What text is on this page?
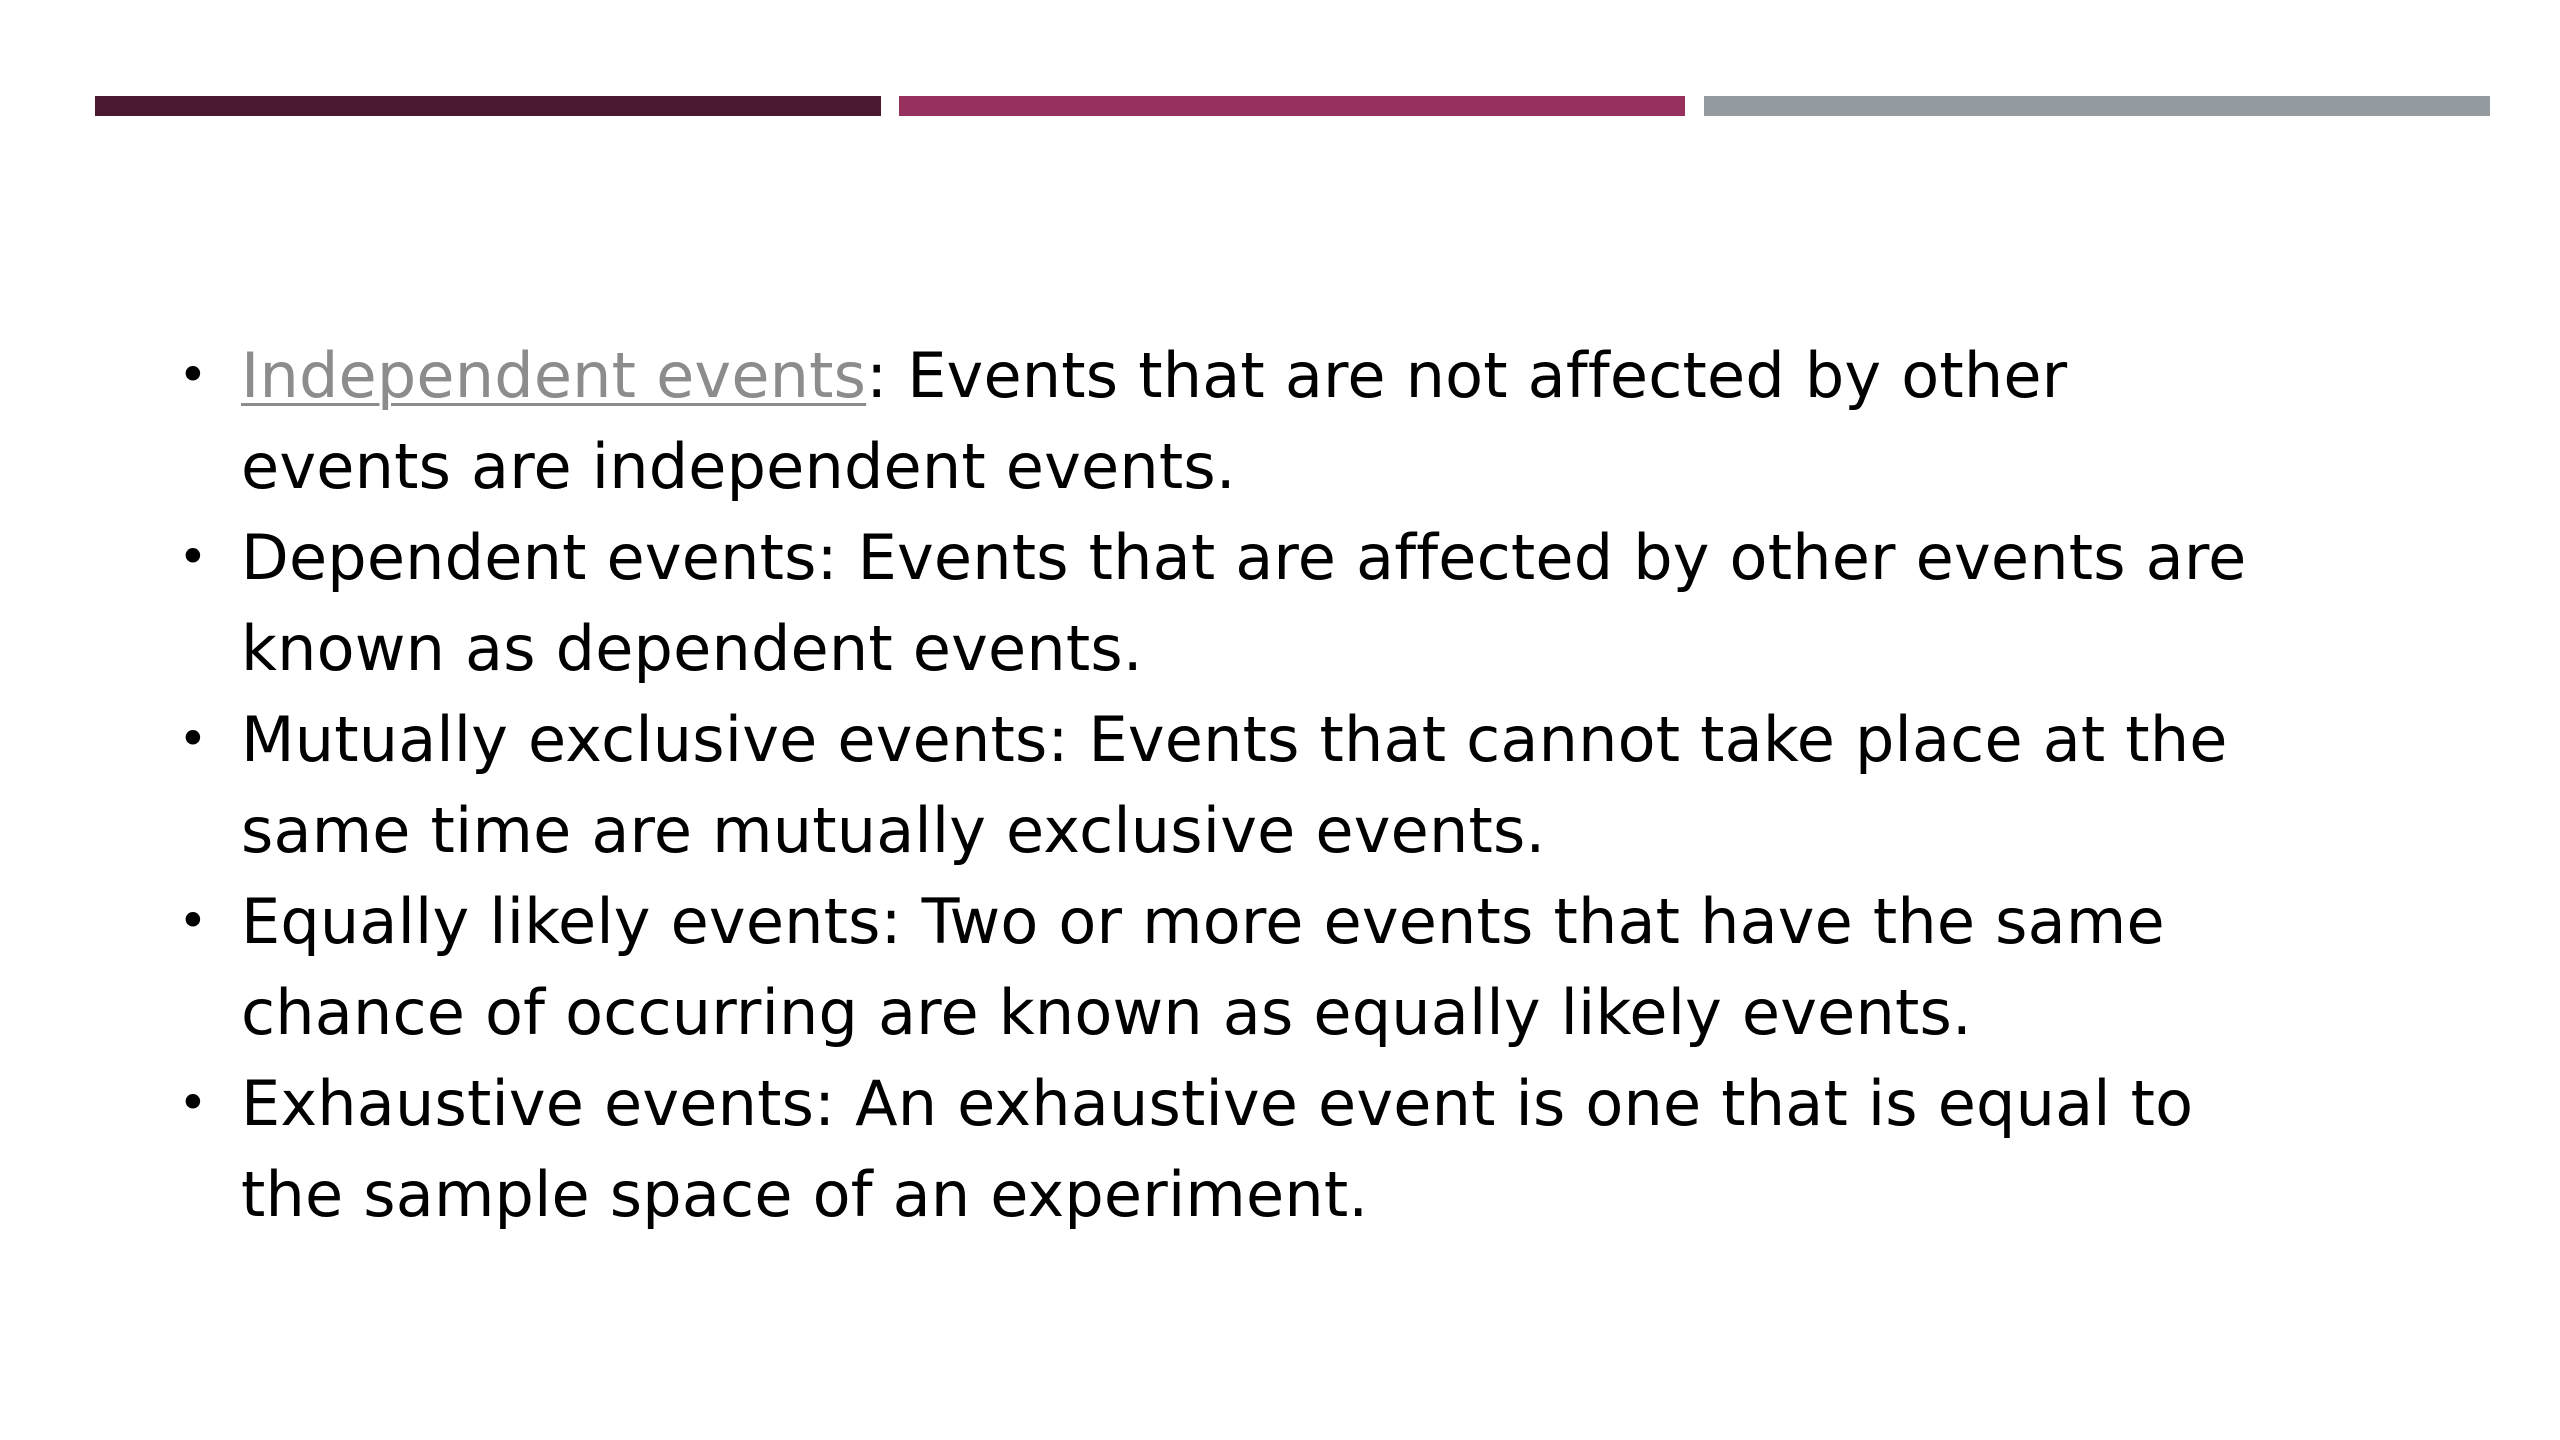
• Independent events: Events that are not affected by other events are independent events.
• Dependent events: Events that are affected by other events are known as dependent events.
• Mutually exclusive events: Events that cannot take place at the same time are mutually exclusive events.
• Equally likely events: Two or more events that have the same chance of occurring are known as equally likely events.
• Exhaustive events: An exhaustive event is one that is equal to the sample space of an experiment.
